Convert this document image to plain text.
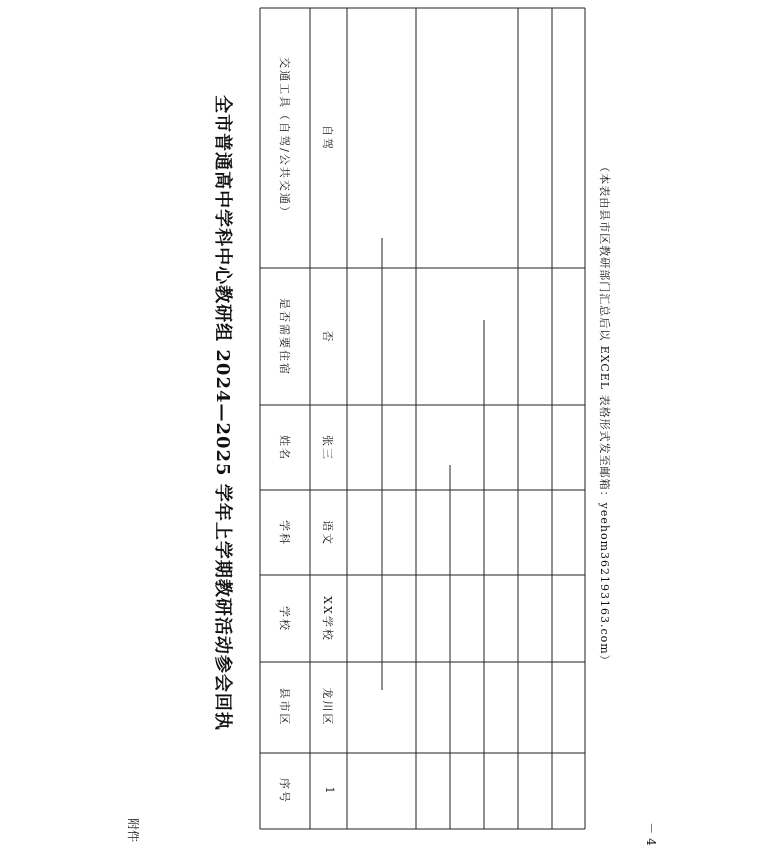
附件	－ 4
全市普通高中学科中心教研组 2024—2025 学年上学期教研活动参会回执
序号
县市区
学校
学科
姓名
是否需要住宿
交通工具（自驾/公共交通）
1
龙川区
XX学校
语文
张三
否
自驾
（本表由县市区教研部门汇总后以 EXCEL 表格形式发至邮箱：yeehom362193163.com）
